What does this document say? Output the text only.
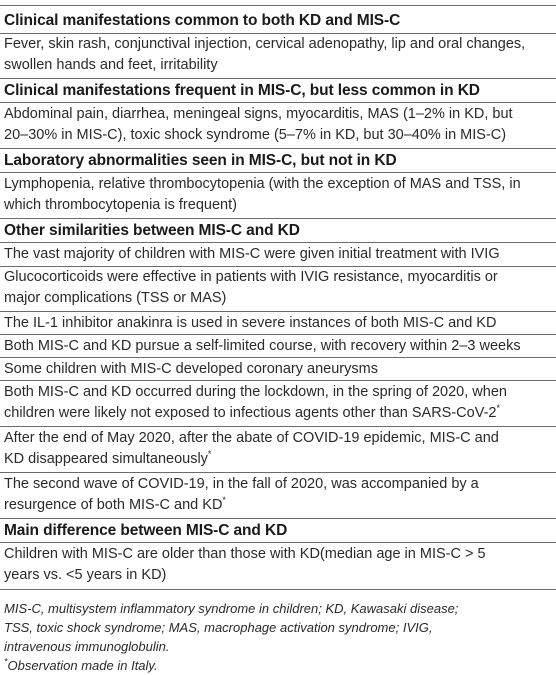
Clinical manifestations common to both KD and MIS-C
Fever, skin rash, conjunctival injection, cervical adenopathy, lip and oral changes,
swollen hands and feet, irritability
Clinical manifestations frequent in MIS-C, but less common in KD
Abdominal pain, diarrhea, meningeal signs, myocarditis, MAS (1–2% in KD, but
20–30% in MIS-C), toxic shock syndrome (5–7% in KD, but 30–40% in MIS-C)
Laboratory abnormalities seen in MIS-C, but not in KD
Lymphopenia, relative thrombocytopenia (with the exception of MAS and TSS, in
which thrombocytopenia is frequent)
Other similarities between MIS-C and KD
The vast majority of children with MIS-C were given initial treatment with IVIG
Glucocorticoids were effective in patients with IVIG resistance, myocarditis or
major complications (TSS or MAS)
The IL-1 inhibitor anakinra is used in severe instances of both MIS-C and KD
Both MIS-C and KD pursue a self-limited course, with recovery within 2–3 weeks
Some children with MIS-C developed coronary aneurysms
Both MIS-C and KD occurred during the lockdown, in the spring of 2020, when
children were likely not exposed to infectious agents other than SARS-CoV-2*
After the end of May 2020, after the abate of COVID-19 epidemic, MIS-C and
KD disappeared simultaneously*
The second wave of COVID-19, in the fall of 2020, was accompanied by a
resurgence of both MIS-C and KD*
Main difference between MIS-C and KD
Children with MIS-C are older than those with KD(median age in MIS-C > 5
years vs. <5 years in KD)
MIS-C, multisystem inflammatory syndrome in children; KD, Kawasaki disease;
TSS, toxic shock syndrome; MAS, macrophage activation syndrome; IVIG,
intravenous immunoglobulin.
*Observation made in Italy.
